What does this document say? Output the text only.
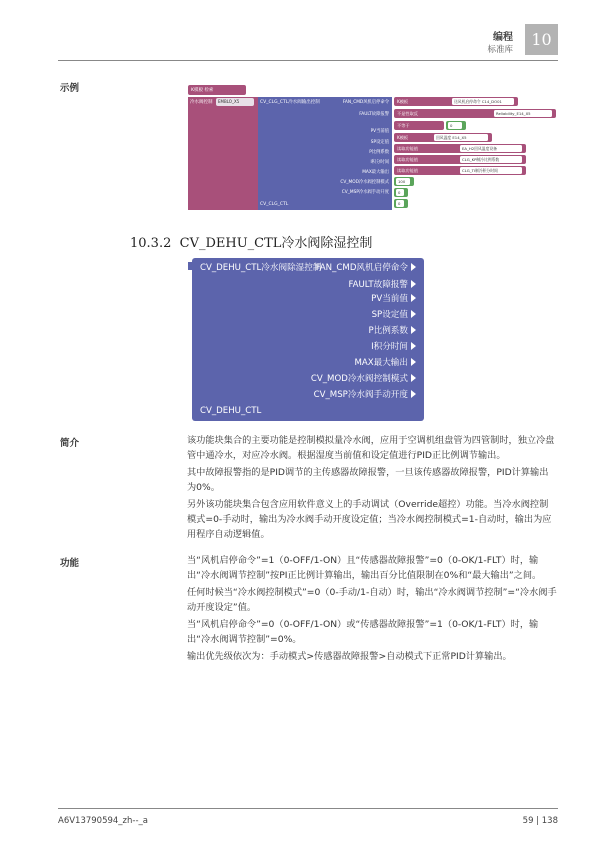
编程
标准库
10
示例	K模板 检索
冷水阀控制	EMBLO_X5	CV_CLG_CTL冷水阀输出控制	FAN_CMD风机启停命令
FAULT故障报警
PV当前值
SP设定值
P比例系数
I积分时间
MAX最大输出
CV_MOD冷水阀控制模式
CV_MSP冷水阀手动开度
CV_CLG_CTL
K模板	送风机启停命令 C14_DO01
不是性取反	Reliability_E14_X5
不等于	0
K模板	回风温度 E14_X5
读取功能值	EA_H2回风温度设备
读取功能值	CLG_KP制冷比例系数
读取功能值	CLG_TI制冷积分时间
100
0
0
10.3.2 CV_DEHU_CTL冷水阀除湿控制
CV_DEHU_CTL冷水阀除湿控制
FAN_CMD风机启停命令
FAULT故障报警
PV当前值
SP设定值
P比例系数
I积分时间
MAX最大输出
CV_MOD冷水阀控制模式
CV_MSP冷水阀手动开度
CV_DEHU_CTL
简介	该功能块集合的主要功能是控制模拟量冷水阀，应用于空调机组盘管为四管制时，独立冷盘管中通冷水，对应冷水阀。根据湿度当前值和设定值进行PID正比例调节输出。

其中故障报警指的是PID调节的主传感器故障报警，一旦该传感器故障报警，PID计算输出为0%。

另外该功能块集合包含应用软件意义上的手动调试（Override超控）功能。当冷水阀控制模式=0-手动时，输出为冷水阀手动开度设定值；当冷水阀控制模式=1-自动时，输出为应用程序自动逻辑值。

功能	当“风机启停命令”=1（0-OFF/1-ON）且“传感器故障报警”=0（0-OK/1-FLT）时，输出“冷水阀调节控制”按PI正比例计算输出，输出百分比值限制在0%和“最大输出”之间。

任何时候当“冷水阀控制模式”=0（0-手动/1-自动）时，输出“冷水阀调节控制”=“冷水阀手动开度设定”值。

当“风机启停命令”=0（0-OFF/1-ON）或“传感器故障报警”=1（0-OK/1-FLT）时，输出“冷水阀调节控制”=0%。

输出优先级依次为：手动模式>传感器故障报警>自动模式下正常PID计算输出。

A6V13790594_zh--_a	59 | 138
